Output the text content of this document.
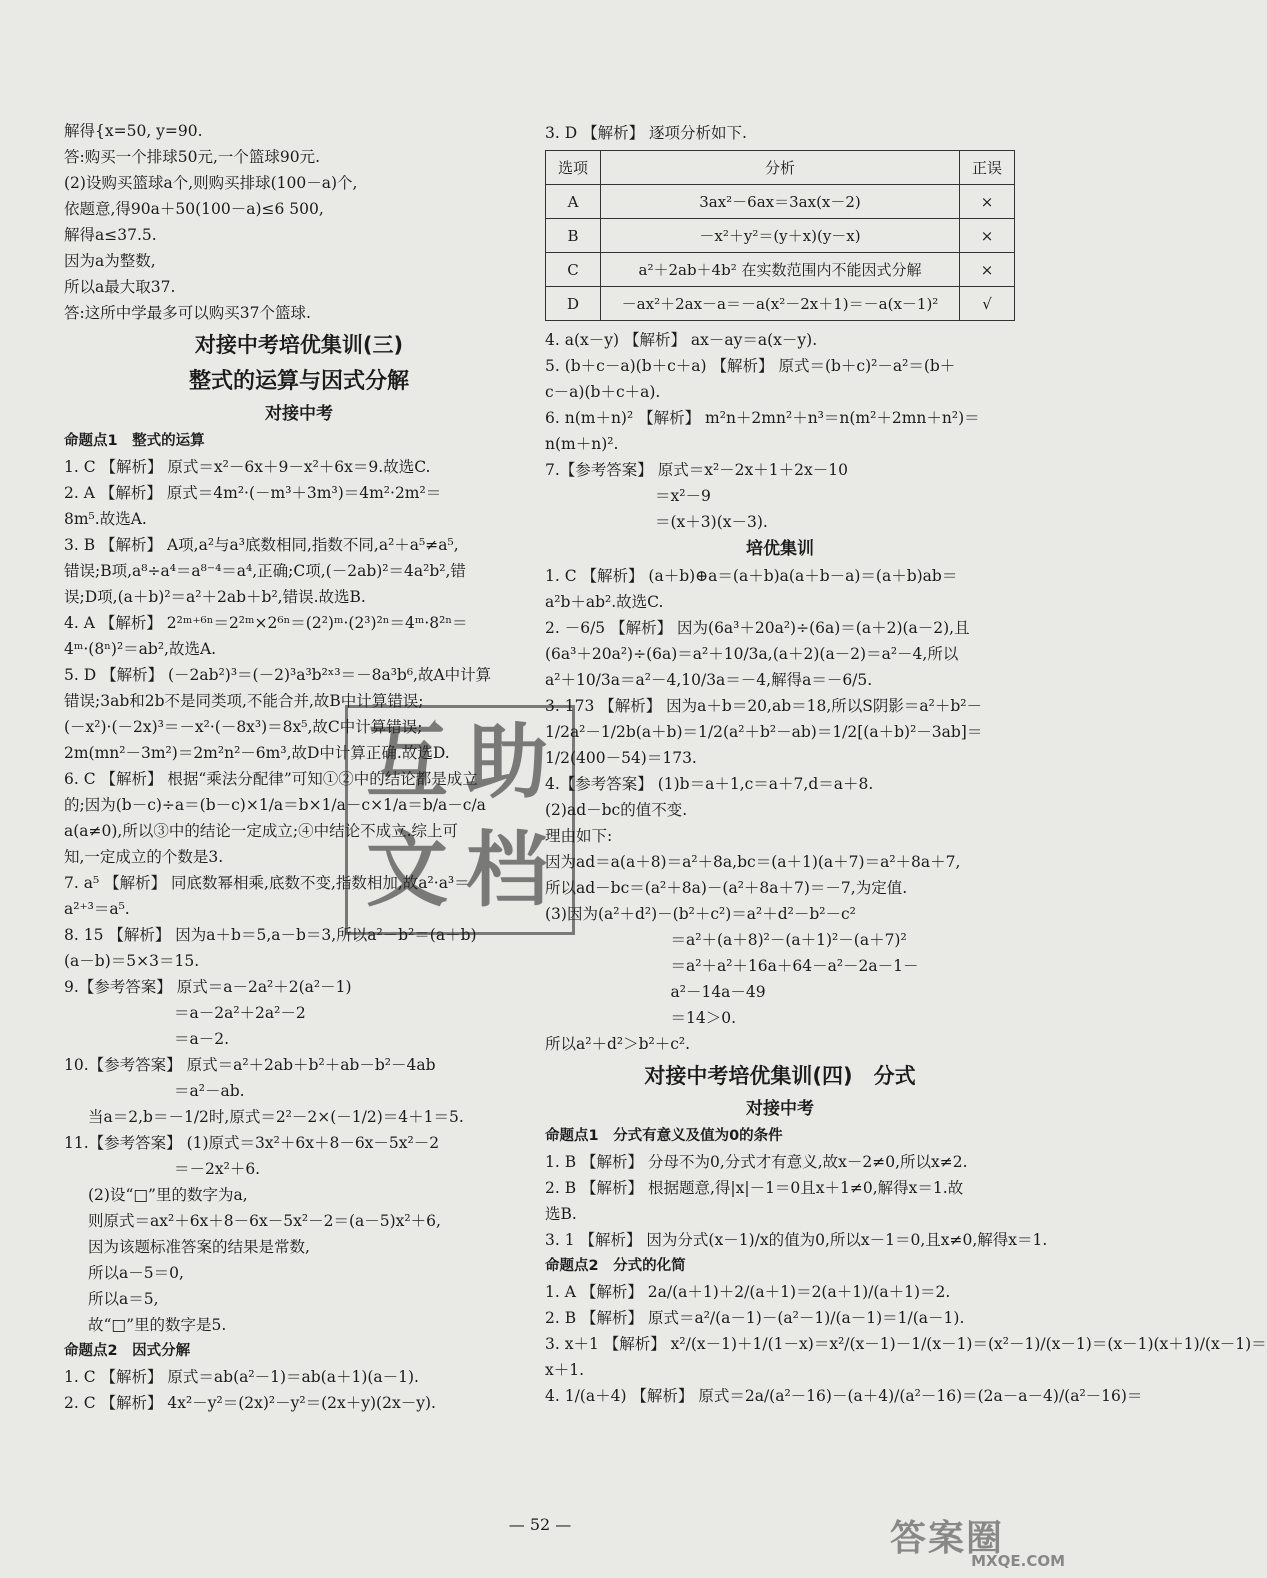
解得{x=50, y=90.
答:购买一个排球50元,一个篮球90元.
(2)设购买篮球a个,则购买排球(100－a)个,
依题意,得90a＋50(100－a)≤6 500,
解得a≤37.5.
因为a为整数,
所以a最大取37.
答:这所中学最多可以购买37个篮球.
对接中考培优集训(三)
整式的运算与因式分解
对接中考
命题点1　整式的运算
1. C 【解析】 原式＝x²－6x＋9－x²＋6x＝9.故选C.
2. A 【解析】 原式＝4m²·(－m³＋3m³)＝4m²·2m²＝
8m⁵.故选A.
3. B 【解析】 A项,a²与a³底数相同,指数不同,a²＋a⁵≠a⁵,
错误;B项,a⁸÷a⁴＝a⁸⁻⁴＝a⁴,正确;C项,(－2ab)²＝4a²b²,错
误;D项,(a＋b)²＝a²＋2ab＋b²,错误.故选B.
4. A 【解析】 2²ᵐ⁺⁶ⁿ＝2²ᵐ×2⁶ⁿ＝(2²)ᵐ·(2³)²ⁿ＝4ᵐ·8²ⁿ＝
4ᵐ·(8ⁿ)²＝ab²,故选A.
5. D 【解析】 (－2ab²)³＝(－2)³a³b²ˣ³＝－8a³b⁶,故A中计算
错误;3ab和2b不是同类项,不能合并,故B中计算错误;
(－x²)·(－2x)³＝－x²·(－8x³)＝8x⁵,故C中计算错误;
2m(mn²－3m²)＝2m²n²－6m³,故D中计算正确.故选D.
6. C 【解析】 根据“乘法分配律”可知①②中的结论都是成立
的;因为(b－c)÷a＝(b－c)×1/a＝b×1/a－c×1/a＝b/a－c/a
a(a≠0),所以③中的结论一定成立;④中结论不成立.综上可
知,一定成立的个数是3.
7. a⁵ 【解析】 同底数幂相乘,底数不变,指数相加,故a²·a³＝
a²⁺³＝a⁵.
8. 15 【解析】 因为a＋b＝5,a－b＝3,所以a²－b²＝(a＋b)
(a－b)＝5×3＝15.
9.【参考答案】 原式＝a－2a²＋2(a²－1)
＝a－2a²＋2a²－2
＝a－2.
10.【参考答案】 原式＝a²＋2ab＋b²＋ab－b²－4ab
＝a²－ab.
当a＝2,b＝－1/2时,原式＝2²－2×(－1/2)＝4＋1＝5.
11.【参考答案】 (1)原式＝3x²＋6x＋8－6x－5x²－2
＝－2x²＋6.
(2)设“□”里的数字为a,
则原式＝ax²＋6x＋8－6x－5x²－2＝(a－5)x²＋6,
因为该题标准答案的结果是常数,
所以a－5＝0,
所以a＝5,
故“□”里的数字是5.
命题点2　因式分解
1. C 【解析】 原式＝ab(a²－1)＝ab(a＋1)(a－1).
2. C 【解析】 4x²－y²＝(2x)²－y²＝(2x＋y)(2x－y).
3. D 【解析】 逐项分析如下.
选项	分析	正误
A	3ax²－6ax＝3ax(x－2)	×
B	－x²＋y²＝(y＋x)(y－x)	×
C	a²＋2ab＋4b² 在实数范围内不能因式分解	×
D	－ax²＋2ax－a＝－a(x²－2x＋1)＝－a(x－1)²	√
4. a(x－y) 【解析】 ax－ay＝a(x－y).
5. (b＋c－a)(b＋c＋a) 【解析】 原式＝(b＋c)²－a²＝(b＋
c－a)(b＋c＋a).
6. n(m＋n)² 【解析】 m²n＋2mn²＋n³＝n(m²＋2mn＋n²)＝
n(m＋n)².
7.【参考答案】 原式＝x²－2x＋1＋2x－10
＝x²－9
＝(x＋3)(x－3).
培优集训
1. C 【解析】 (a＋b)⊕a＝(a＋b)a(a＋b－a)＝(a＋b)ab＝
a²b＋ab².故选C.
2. －6/5 【解析】 因为(6a³＋20a²)÷(6a)＝(a＋2)(a－2),且
(6a³＋20a²)÷(6a)＝a²＋10/3a,(a＋2)(a－2)＝a²－4,所以
a²＋10/3a＝a²－4,10/3a＝－4,解得a＝－6/5.
3. 173 【解析】 因为a＋b＝20,ab＝18,所以S阴影＝a²＋b²－
1/2a²－1/2b(a＋b)＝1/2(a²＋b²－ab)＝1/2[(a＋b)²－3ab]＝
1/2(400－54)＝173.
4.【参考答案】 (1)b＝a＋1,c＝a＋7,d＝a＋8.
(2)ad－bc的值不变.
理由如下:
因为ad＝a(a＋8)＝a²＋8a,bc＝(a＋1)(a＋7)＝a²＋8a＋7,
所以ad－bc＝(a²＋8a)－(a²＋8a＋7)＝－7,为定值.
(3)因为(a²＋d²)－(b²＋c²)＝a²＋d²－b²－c²
　＝a²＋(a＋8)²－(a＋1)²－(a＋7)²
　＝a²＋a²＋16a＋64－a²－2a－1－
　a²－14a－49
　＝14＞0.
所以a²＋d²＞b²＋c².
对接中考培优集训(四)　分式
对接中考
命题点1　分式有意义及值为0的条件
1. B 【解析】 分母不为0,分式才有意义,故x－2≠0,所以x≠2.
2. B 【解析】 根据题意,得|x|－1＝0且x＋1≠0,解得x＝1.故
选B.
3. 1 【解析】 因为分式(x－1)/x的值为0,所以x－1＝0,且x≠0,解得x＝1.
命题点2　分式的化简
1. A 【解析】 2a/(a＋1)＋2/(a＋1)＝2(a＋1)/(a＋1)＝2.
2. B 【解析】 原式＝a²/(a－1)－(a²－1)/(a－1)＝1/(a－1).
3. x＋1 【解析】 x²/(x－1)＋1/(1－x)＝x²/(x－1)－1/(x－1)＝(x²－1)/(x－1)＝(x－1)(x＋1)/(x－1)＝
x＋1.
4. 1/(a＋4) 【解析】 原式＝2a/(a²－16)－(a＋4)/(a²－16)＝(2a－a－4)/(a²－16)＝
互 助
文 档
— 52 —	答案圈
MXQE.COM
